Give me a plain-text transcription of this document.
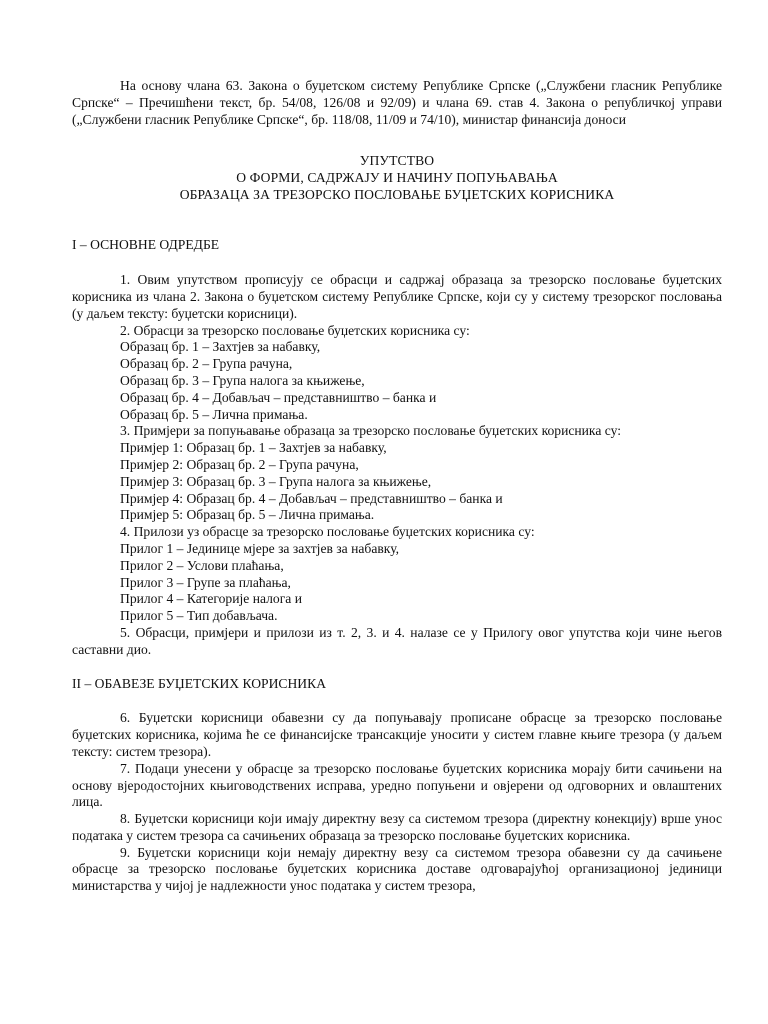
На основу члана 63. Закона о буџетском систему Републике Српске („Службени гласник Републике Српске“ – Пречишћени текст, бр. 54/08, 126/08 и 92/09) и члана 69. став 4. Закона о републичкој управи („Службени гласник Републике Српске“, бр. 118/08, 11/09 и 74/10), министар финансија доноси

УПУТСТВО

О ФОРМИ, САДРЖАЈУ И НАЧИНУ ПОПУЊАВАЊА

ОБРАЗАЦА ЗА ТРЕЗОРСКО ПОСЛОВАЊЕ БУЏЕТСКИХ КОРИСНИКА

I – ОСНОВНЕ ОДРЕДБЕ

1. Овим упутством прописују се обрасци и садржај образаца за трезорско пословање буџетских корисника из члана 2. Закона о буџетском систему Републике Српске, који су у систему трезорског пословања (у даљем тексту: буџетски корисници).

2. Обрасци за трезорско пословање буџетских корисника су:

Образац бр. 1 – Захтјев за набавку,

Образац бр. 2 – Група рачуна,

Образац бр. 3 – Група налога за књижење,

Образац бр. 4 – Добављач – представништво – банка и

Образац бр. 5 – Лична примања.

3. Примјери за попуњавање образаца за трезорско пословање буџетских корисника су:

Примјер 1: Образац бр. 1 – Захтјев за набавку,

Примјер 2: Образац бр. 2 – Група рачуна,

Примјер 3: Образац бр. 3 – Група налога за књижење,

Примјер 4: Образац бр. 4 – Добављач – представништво – банка и

Примјер 5: Образац бр. 5 – Лична примања.

4. Прилози уз обрасце за трезорско пословање буџетских корисника су:

Прилог 1 – Јединице мјере за захтјев за набавку,

Прилог 2 – Услови плаћања,

Прилог 3 – Групе за плаћања,

Прилог 4 – Категорије налога и

Прилог 5 – Тип добављача.

5. Обрасци, примјери и прилози из т. 2, 3. и 4. налазе се у Прилогу овог упутства који чине његов саставни дио.

II – ОБАВЕЗЕ БУЏЕТСКИХ КОРИСНИКА

6. Буџетски корисници обавезни су да попуњавају прописане обрасце за трезорско пословање буџетских корисника, којима ће се финансијске трансакције уносити у систем главне књиге трезора (у даљем тексту: систем трезора).

7. Подаци унесени у обрасце за трезорско пословање буџетских корисника морају бити сачињени на основу вјеродостојних књиговодствених исправа, уредно попуњени и овјерени од одговорних и овлаштених лица.

8. Буџетски корисници који имају директну везу са системом трезора (директну конекцију) врше унос података у систем трезора са сачињених образаца за трезорско пословање буџетских корисника.

9. Буџетски корисници који немају директну везу са системом трезора обавезни су да сачињене обрасце за трезорско пословање буџетских корисника доставе одговарајућој организационој јединици министарства у чијој је надлежности унос података у систем трезора,
